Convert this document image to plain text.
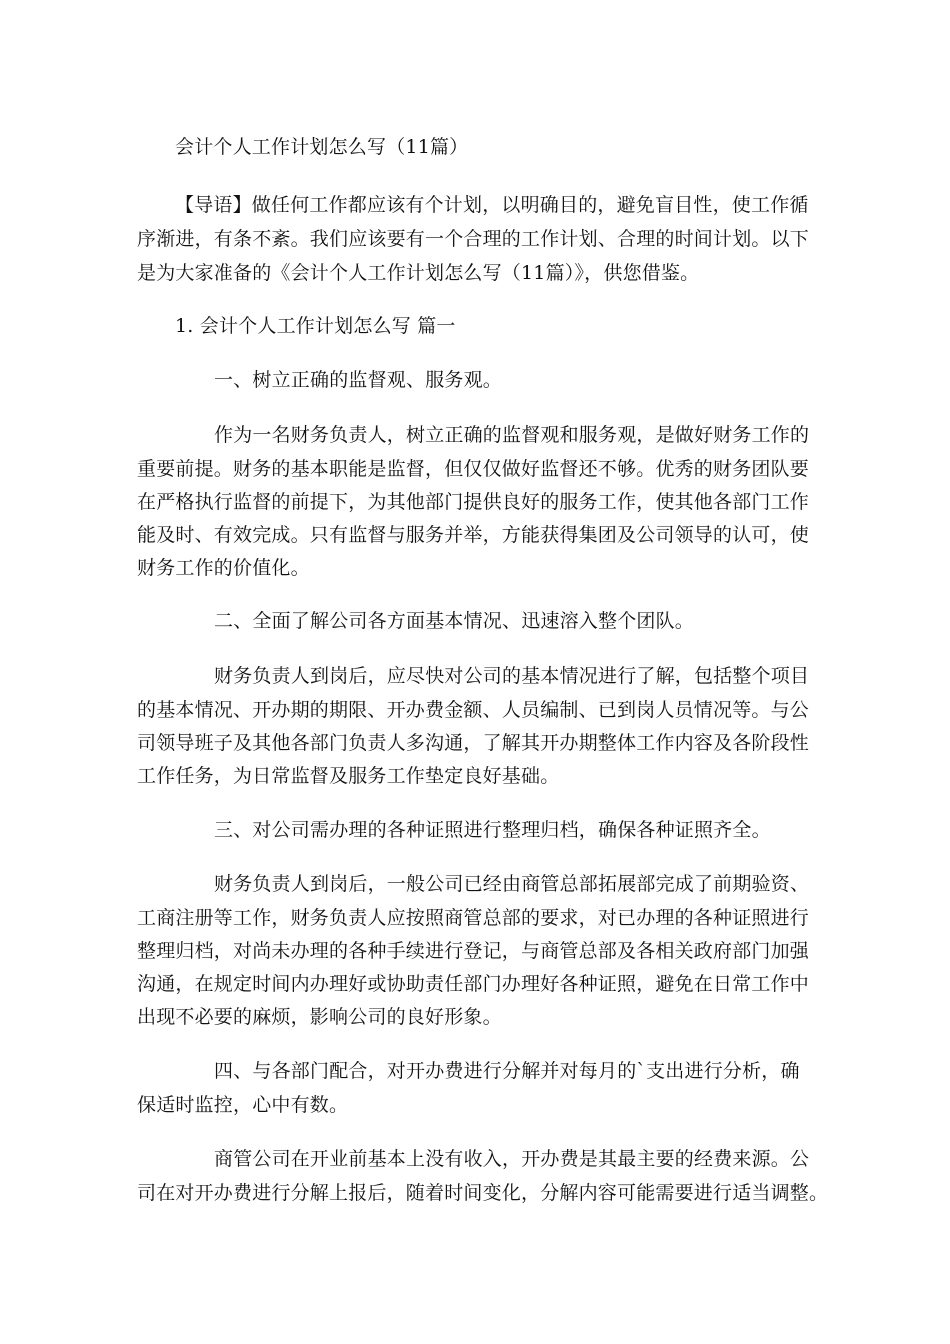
会计个人工作计划怎么写（11篇）
【导语】做任何工作都应该有个计划，以明确目的，避免盲目性，使工作循
序渐进，有条不紊。我们应该要有一个合理的工作计划、合理的时间计划。以下
是为大家准备的《会计个人工作计划怎么写（11篇）》，供您借鉴。
1. 会计个人工作计划怎么写 篇一
一、树立正确的监督观、服务观。
作为一名财务负责人，树立正确的监督观和服务观，是做好财务工作的
重要前提。财务的基本职能是监督，但仅仅做好监督还不够。优秀的财务团队要
在严格执行监督的前提下，为其他部门提供良好的服务工作，使其他各部门工作
能及时、有效完成。只有监督与服务并举，方能获得集团及公司领导的认可，使
财务工作的价值化。
二、全面了解公司各方面基本情况、迅速溶入整个团队。
财务负责人到岗后，应尽快对公司的基本情况进行了解，包括整个项目
的基本情况、开办期的期限、开办费金额、人员编制、已到岗人员情况等。与公
司领导班子及其他各部门负责人多沟通，了解其开办期整体工作内容及各阶段性
工作任务，为日常监督及服务工作垫定良好基础。
三、对公司需办理的各种证照进行整理归档，确保各种证照齐全。
财务负责人到岗后，一般公司已经由商管总部拓展部完成了前期验资、
工商注册等工作，财务负责人应按照商管总部的要求，对已办理的各种证照进行
整理归档，对尚未办理的各种手续进行登记，与商管总部及各相关政府部门加强
沟通，在规定时间内办理好或协助责任部门办理好各种证照，避免在日常工作中
出现不必要的麻烦，影响公司的良好形象。
四、与各部门配合，对开办费进行分解并对每月的`支出进行分析，确
保适时监控，心中有数。
商管公司在开业前基本上没有收入，开办费是其最主要的经费来源。公
司在对开办费进行分解上报后，随着时间变化，分解内容可能需要进行适当调整。
